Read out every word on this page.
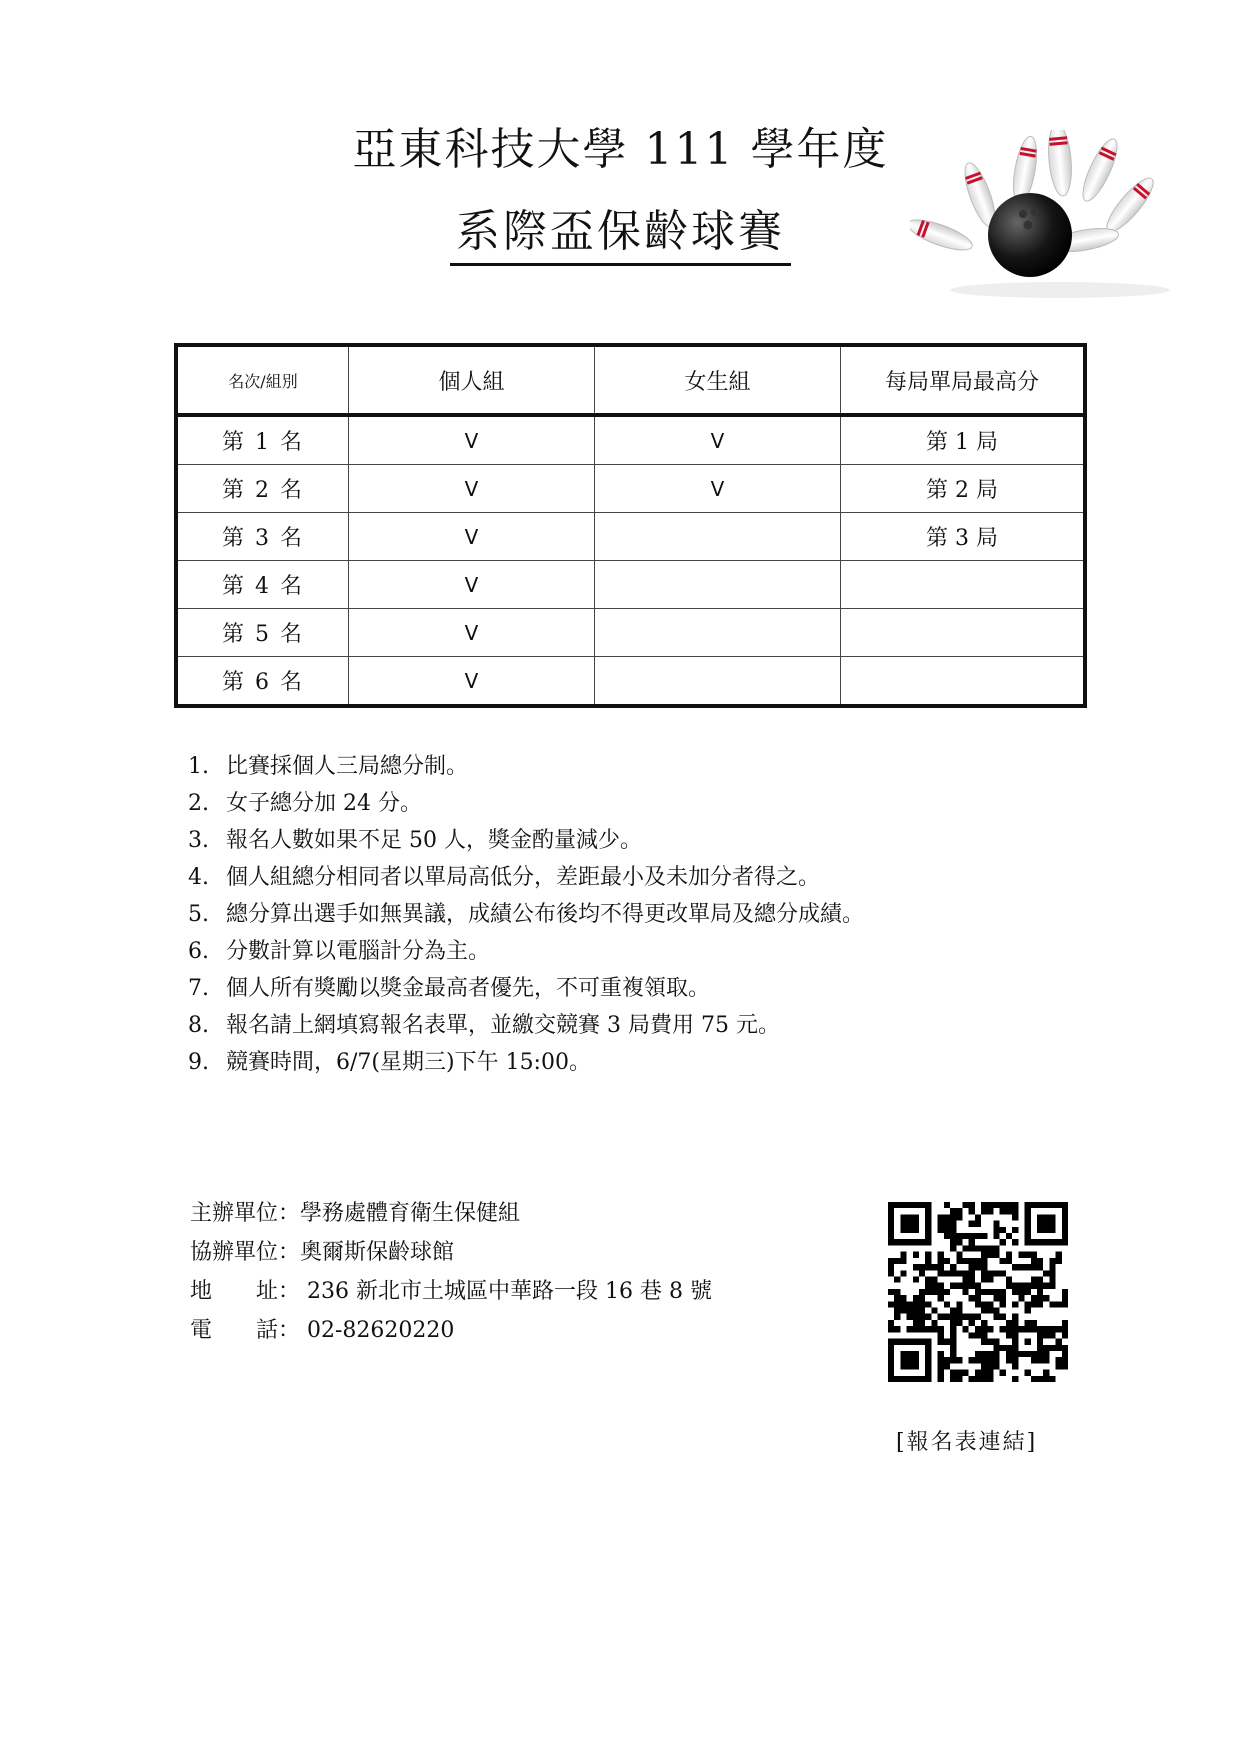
亞東科技大學 111 學年度
系際盃保齡球賽
名次/組別	個人組	女生組	每局單局最高分
第 1 名	V	V	第 1 局
第 2 名	V	V	第 2 局
第 3 名	V		第 3 局
第 4 名	V		
第 5 名	V		
第 6 名	V		
1. 比賽採個人三局總分制。
2. 女子總分加 24 分。
3. 報名人數如果不足 50 人，獎金酌量減少。
4. 個人組總分相同者以單局高低分，差距最小及未加分者得之。
5. 總分算出選手如無異議，成績公布後均不得更改單局及總分成績。
6. 分數計算以電腦計分為主。
7. 個人所有獎勵以獎金最高者優先，不可重複領取。
8. 報名請上網填寫報名表單，並繳交競賽 3 局費用 75 元。
9. 競賽時間，6/7(星期三)下午 15:00。
主辦單位：學務處體育衛生保健組
協辦單位：奧爾斯保齡球館
地　　址： 236 新北市土城區中華路一段 16 巷 8 號
電　　話： 02-82620220
[報名表連結]
